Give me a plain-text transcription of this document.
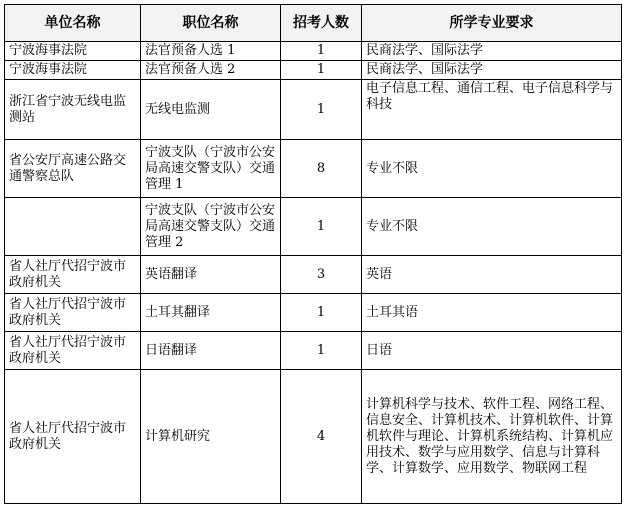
单位名称	职位名称	招考人数	所学专业要求
宁波海事法院	法官预备人选 1	1	民商法学、国际法学
宁波海事法院	法官预备人选 2	1	民商法学、国际法学
浙江省宁波无线电监测站	无线电监测	1	电子信息工程、通信工程、电子信息科学与科技
省公安厅高速公路交通警察总队	宁波支队（宁波市公安局高速交警支队）交通管理 1	8	专业不限
	宁波支队（宁波市公安局高速交警支队）交通管理 2	1	专业不限
省人社厅代招宁波市政府机关	英语翻译	3	英语
省人社厅代招宁波市政府机关	土耳其翻译	1	土耳其语
省人社厅代招宁波市政府机关	日语翻译	1	日语
省人社厅代招宁波市政府机关	计算机研究	4	计算机科学与技术、软件工程、网络工程、信息安全、计算机技术、计算机软件、计算机软件与理论、计算机系统结构、计算机应用技术、数学与应用数学、信息与计算科学、计算数学、应用数学、物联网工程
